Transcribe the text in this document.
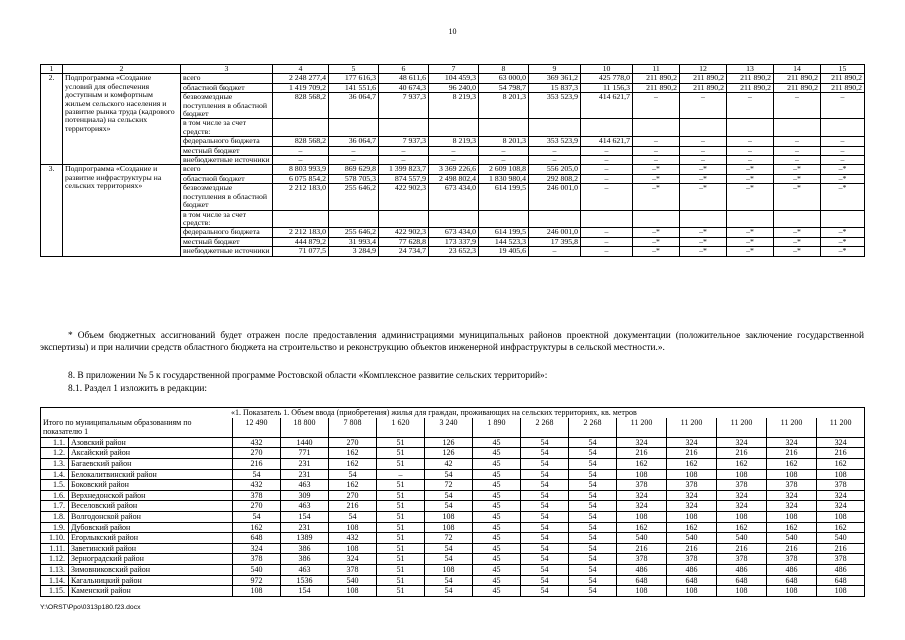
10
1	2	3	4	5	6	7	8	9	10	11	12	13	14	15
2.	Подпрограмма «Создание условий для обеспечения доступным и комфортным жильем сельского населения и развитие рынка труда (кадрового потенциала) на сельских территориях»	всего	2 248 277,4	177 616,3	48 611,6	104 459,3	63 000,0	369 361,2	425 778,0	211 890,2	211 890,2	211 890,2	211 890,2	211 890,2
		областной бюджет	1 419 709,2	141 551,6	40 674,3	96 240,0	54 798,7	15 837,3	11 156,3	211 890,2	211 890,2	211 890,2	211 890,2	211 890,2
		безвозмездные поступления в областной бюджет	828 568,2	36 064,7	7 937,3	8 219,3	8 201,3	353 523,9	414 621,7	–	–	–	–	–
		в том числе за счет средств:												
		федерального бюджета	828 568,2	36 064,7	7 937,3	8 219,3	8 201,3	353 523,9	414 621,7	–	–	–	–	–
		местный бюджет	–	–	–	–	–	–	–	–	–	–	–	–
		внебюджетные источники	–	–	–	–	–	–	–	–	–	–	–	–
3.	Подпрограмма «Создание и развитие инфраструктуры на сельских территориях»	всего	8 803 993,9	869 629,8	1 399 823,7	3 369 226,6	2 609 108,8	556 205,0	–	–*	–*	–*	–*	–*
		областной бюджет	6 075 854,2	578 705,3	874 557,9	2 498 802,4	1 830 980,4	292 808,2	–	–*	–*	–*	–*	–*
		безвозмездные поступления в областной бюджет	2 212 183,0	255 646,2	422 902,3	673 434,0	614 199,5	246 001,0	–	–*	–*	–*	–*	–*
		в том числе за счет средств:												
		федерального бюджета	2 212 183,0	255 646,2	422 902,3	673 434,0	614 199,5	246 001,0	–	–*	–*	–*	–*	–*
		местный бюджет	444 879,2	31 993,4	77 628,8	173 337,9	144 523,3	17 395,8	–	–*	–*	–*	–*	–*
		внебюджетные источники	71 077,5	3 284,9	24 734,7	23 652,3	19 405,6	–	–	–*	–*	–*	–*	–*
* Объем бюджетных ассигнований будет отражен после предоставления администрациями муниципальных районов проектной документации (положительное заключение государственной экспертизы) и при наличии средств областного бюджета на строительство и реконструкцию объектов инженерной инфраструктуры в сельской местности.».
8. В приложении № 5 к государственной программе Ростовской области «Комплексное развитие сельских территорий»:
8.1. Раздел 1 изложить в редакции:
«1. Показатель 1. Объем ввода (приобретения) жилья для граждан, проживающих на сельских территориях, кв. метров														
Итого по муниципальным образованиям по показателю 1		12 490	18 800	7 808	1 620	3 240	1 890	2 268	2 268	11 200	11 200	11 200	11 200	11 200
1.1.	Азовский район	432	1440	270	51	126	45	54	54	324	324	324	324	324
1.2.	Аксайский район	270	771	162	51	126	45	54	54	216	216	216	216	216
1.3.	Багаевский район	216	231	162	51	42	45	54	54	162	162	162	162	162
1.4.	Белокалитвинский район	54	231	54	–	54	45	54	54	108	108	108	108	108
1.5.	Боковский район	432	463	162	51	72	45	54	54	378	378	378	378	378
1.6.	Верхнедонской район	378	309	270	51	54	45	54	54	324	324	324	324	324
1.7.	Веселовский район	270	463	216	51	54	45	54	54	324	324	324	324	324
1.8.	Волгодонской район	54	154	54	51	108	45	54	54	108	108	108	108	108
1.9.	Дубовский район	162	231	108	51	108	45	54	54	162	162	162	162	162
1.10.	Егорлыкский район	648	1389	432	51	72	45	54	54	540	540	540	540	540
1.11.	Заветинский район	324	386	108	51	54	45	54	54	216	216	216	216	216
1.12.	Зерноградский район	378	386	324	51	54	45	54	54	378	378	378	378	378
1.13.	Зимовниковский район	540	463	378	51	108	45	54	54	486	486	486	486	486
1.14.	Кагальницкий район	972	1536	540	51	54	45	54	54	648	648	648	648	648
1.15.	Каменский район	108	154	108	51	54	45	54	54	108	108	108	108	108
Y:\ORST\Ppo\0313p180.f23.docx
